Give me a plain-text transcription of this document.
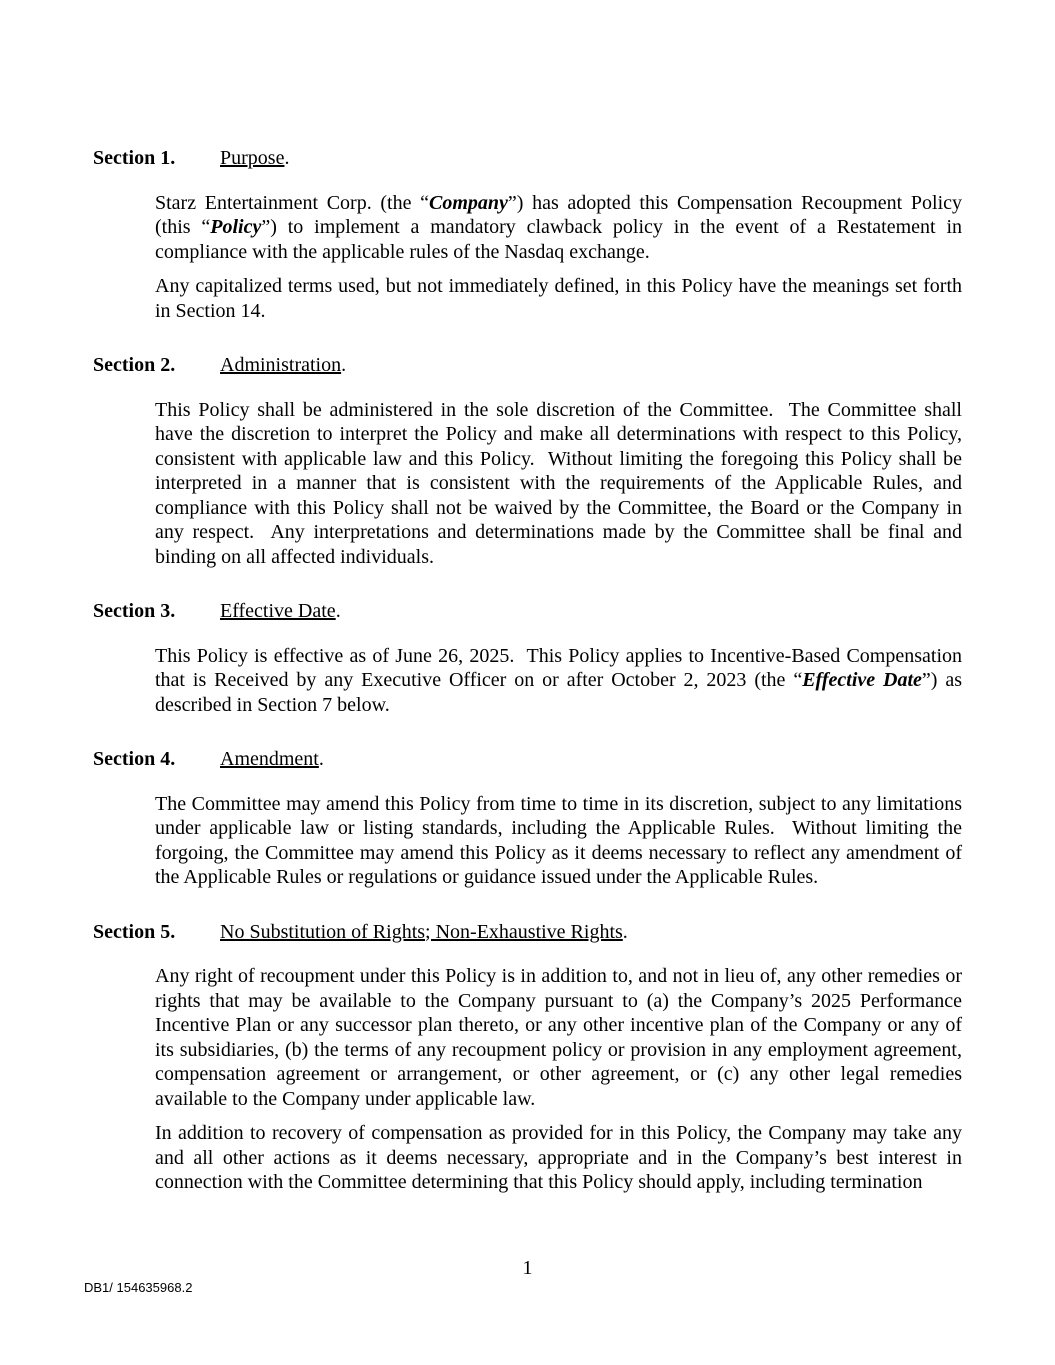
Section 1. Purpose.

Starz Entertainment Corp. (the “Company”) has adopted this Compensation Recoupment Policy (this “Policy”) to implement a mandatory clawback policy in the event of a Restatement in compliance with the applicable rules of the Nasdaq exchange.

Any capitalized terms used, but not immediately defined, in this Policy have the meanings set forth in Section 14.

Section 2. Administration.

This Policy shall be administered in the sole discretion of the Committee.  The Committee shall have the discretion to interpret the Policy and make all determinations with respect to this Policy, consistent with applicable law and this Policy.  Without limiting the foregoing this Policy shall be interpreted in a manner that is consistent with the requirements of the Applicable Rules, and compliance with this Policy shall not be waived by the Committee, the Board or the Company in any respect.  Any interpretations and determinations made by the Committee shall be final and binding on all affected individuals.

Section 3. Effective Date.

This Policy is effective as of June 26, 2025.  This Policy applies to Incentive-Based Compensation that is Received by any Executive Officer on or after October 2, 2023 (the “Effective Date”) as described in Section 7 below.

Section 4. Amendment.

The Committee may amend this Policy from time to time in its discretion, subject to any limitations under applicable law or listing standards, including the Applicable Rules.  Without limiting the forgoing, the Committee may amend this Policy as it deems necessary to reflect any amendment of the Applicable Rules or regulations or guidance issued under the Applicable Rules.

Section 5. No Substitution of Rights; Non-Exhaustive Rights.

Any right of recoupment under this Policy is in addition to, and not in lieu of, any other remedies or rights that may be available to the Company pursuant to (a) the Company’s 2025 Performance Incentive Plan or any successor plan thereto, or any other incentive plan of the Company or any of its subsidiaries, (b) the terms of any recoupment policy or provision in any employment agreement, compensation agreement or arrangement, or other agreement, or (c) any other legal remedies available to the Company under applicable law.

In addition to recovery of compensation as provided for in this Policy, the Company may take any and all other actions as it deems necessary, appropriate and in the Company’s best interest in connection with the Committee determining that this Policy should apply, including termination

1
DB1/ 154635968.2
